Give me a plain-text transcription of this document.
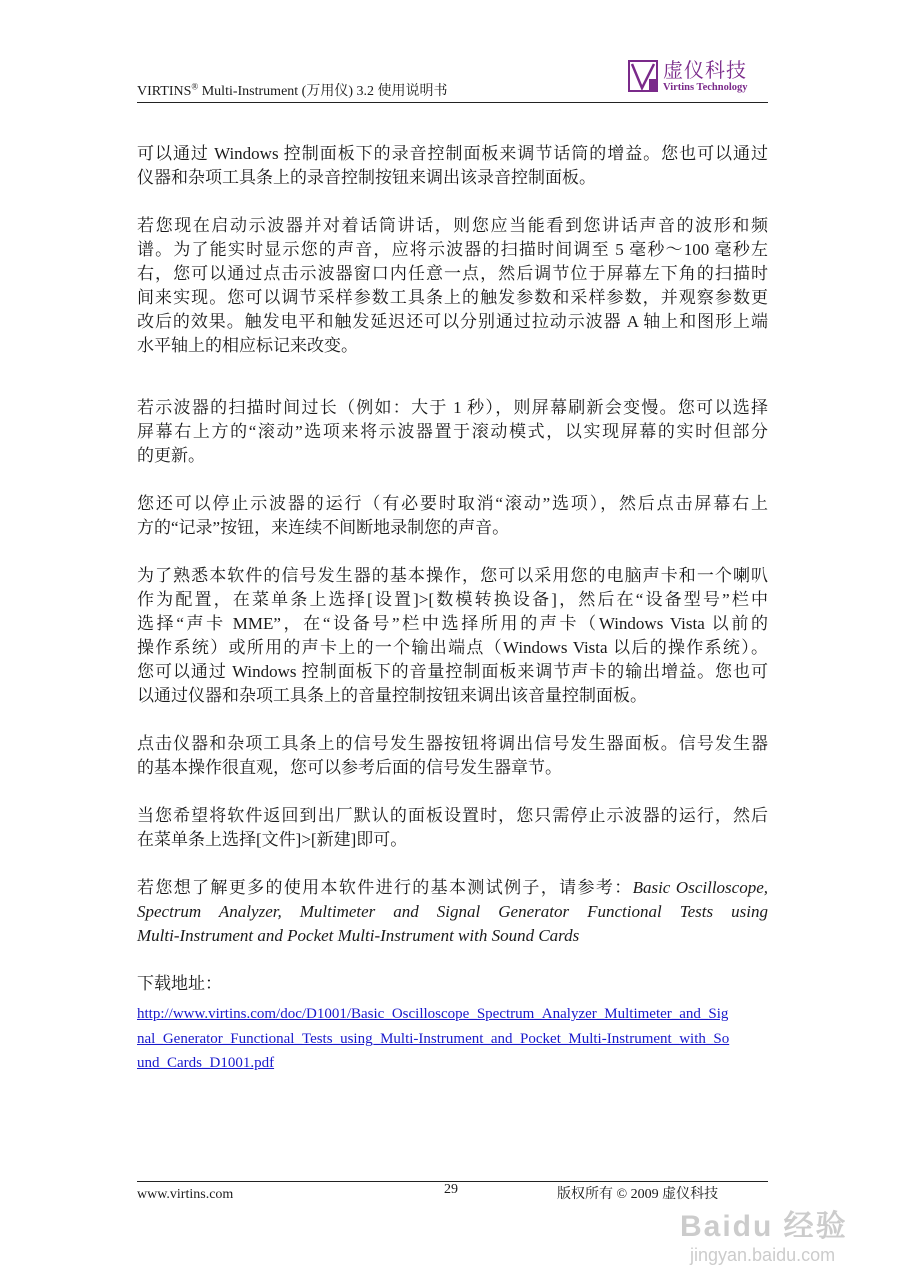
VIRTINS® Multi-Instrument (万用仪) 3.2 使用说明书
虚仪科技
Virtins Technology
可以通过 Windows 控制面板下的录音控制面板来调节话筒的增益。您也可以通过
仪器和杂项工具条上的录音控制按钮来调出该录音控制面板。
若您现在启动示波器并对着话筒讲话，则您应当能看到您讲话声音的波形和频
谱。为了能实时显示您的声音，应将示波器的扫描时间调至 5 毫秒～100 毫秒左
右，您可以通过点击示波器窗口内任意一点，然后调节位于屏幕左下角的扫描时
间来实现。您可以调节采样参数工具条上的触发参数和采样参数，并观察参数更
改后的效果。触发电平和触发延迟还可以分别通过拉动示波器 A 轴上和图形上端
水平轴上的相应标记来改变。
若示波器的扫描时间过长（例如：大于 1 秒），则屏幕刷新会变慢。您可以选择
屏幕右上方的“滚动”选项来将示波器置于滚动模式，以实现屏幕的实时但部分
的更新。
您还可以停止示波器的运行（有必要时取消“滚动”选项），然后点击屏幕右上
方的“记录”按钮，来连续不间断地录制您的声音。
为了熟悉本软件的信号发生器的基本操作，您可以采用您的电脑声卡和一个喇叭
作为配置，在菜单条上选择[设置]>[数模转换设备]，然后在“设备型号”栏中
选择“声卡 MME”，在“设备号”栏中选择所用的声卡（Windows Vista 以前的
操作系统）或所用的声卡上的一个输出端点（Windows Vista 以后的操作系统）。
您可以通过 Windows 控制面板下的音量控制面板来调节声卡的输出增益。您也可
以通过仪器和杂项工具条上的音量控制按钮来调出该音量控制面板。
点击仪器和杂项工具条上的信号发生器按钮将调出信号发生器面板。信号发生器
的基本操作很直观，您可以参考后面的信号发生器章节。
当您希望将软件返回到出厂默认的面板设置时，您只需停止示波器的运行，然后
在菜单条上选择[文件]>[新建]即可。
若您想了解更多的使用本软件进行的基本测试例子，请参考：Basic Oscilloscope,
Spectrum Analyzer, Multimeter and Signal Generator Functional Tests using
Multi-Instrument and Pocket Multi-Instrument with Sound Cards
下载地址：
http://www.virtins.com/doc/D1001/Basic_Oscilloscope_Spectrum_Analyzer_Multimeter_and_Sig
nal_Generator_Functional_Tests_using_Multi-Instrument_and_Pocket_Multi-Instrument_with_So
und_Cards_D1001.pdf
www.virtins.com	29	版权所有 © 2009 虚仪科技
Baidu 经验
jingyan.baidu.com
